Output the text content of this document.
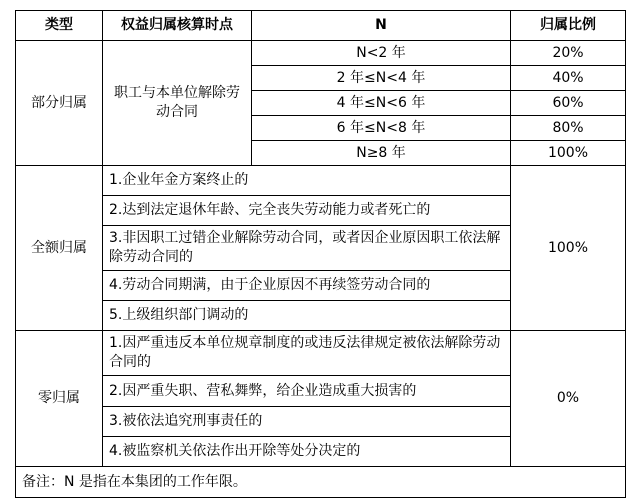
类型	权益归属核算时点	N	归属比例
部分归属	职工与本单位解除劳动合同	N<2 年	20%
		2 年≤N<4 年	40%
		4 年≤N<6 年	60%
		6 年≤N<8 年	80%
		N≥8 年	100%
全额归属	1.企业年金方案终止的		100%
	2.达到法定退休年龄、完全丧失劳动能力或者死亡的		
	3.非因职工过错企业解除劳动合同，或者因企业原因职工依法解除劳动合同的		
	4.劳动合同期满，由于企业原因不再续签劳动合同的		
	5.上级组织部门调动的		
零归属	1.因严重违反本单位规章制度的或违反法律规定被依法解除劳动合同的		0%
	2.因严重失职、营私舞弊，给企业造成重大损害的		
	3.被依法追究刑事责任的		
	4.被监察机关依法作出开除等处分决定的		
备注：N 是指在本集团的工作年限。			
